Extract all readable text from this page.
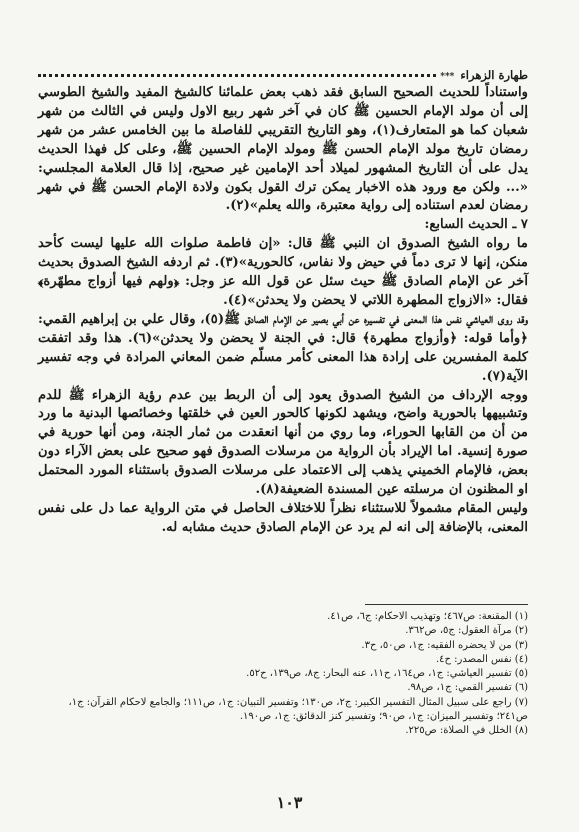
طهارة الزهراء
***

واستناداً للحديث الصحيح السابق فقد ذهب بعض علمائنا كالشيخ المفيد والشيخ الطوسي إلى أن مولد الإمام الحسين ﷺ كان في آخر شهر ربيع الاول وليس في الثالث من شهر شعبان كما هو المتعارف(١)، وهو التاريخ التقريبي للفاصلة ما بين الخامس عشر من شهر رمضان تاريخ مولد الإمام الحسن ﷺ ومولد الإمام الحسين ﷺ، وعلى كل فهذا الحديث يدل على أن التاريخ المشهور لميلاد أحد الإمامين غير صحيح، إذا قال العلامة المجلسي: «... ولكن مع ورود هذه الاخبار يمكن ترك القول بكون ولادة الإمام الحسن ﷺ في شهر رمضان لعدم استناده إلى رواية معتبرة، والله يعلم»(٢).

٧ ـ الحديث السابع:

ما رواه الشيخ الصدوق ان النبي ﷺ قال: «إن فاطمة صلوات الله عليها ليست كأحد منكن، إنها لا ترى دماً في حيض ولا نفاس، كالحورية»(٣). ثم اردفه الشيخ الصدوق بحديث آخر عن الإمام الصادق ﷺ حيث سئل عن قول الله عز وجل: ﴿ولهم فيها أزواج مطهّرة﴾ فقال: «الازواج المطهرة اللاتي لا يحضن ولا يحدثن»(٤).

وقد روى العياشي نفس هذا المعنى في تفسيره عن أبي بصير عن الإمام الصادق ﷺ(٥)، وقال علي بن إبراهيم القمي: ﴿وأما قوله: ﴿وأزواج مطهرة﴾ قال: في الجنة لا يحضن ولا يحدثن»(٦). هذا وقد اتفقت كلمة المفسرين على إرادة هذا المعنى كأمر مسلّم ضمن المعاني المرادة في وجه تفسير الآية(٧).

ووجه الإرداف من الشيخ الصدوق يعود إلى أن الربط بين عدم رؤية الزهراء ﷺ للدم وتشبيهها بالحورية واضح، ويشهد لكونها كالحور العين في خلقتها وخصائصها البدنية ما ورد من أن من القابها الحوراء، وما روي من أنها انعقدت من ثمار الجنة، ومن أنها حورية في صورة إنسية. اما الإيراد بأن الرواية من مرسلات الصدوق فهو صحيح على بعض الآراء دون بعض، فالإمام الخميني يذهب إلى الاعتماد على مرسلات الصدوق باستثناء المورد المحتمل او المظنون ان مرسلته عين المسندة الضعيفة(٨).

وليس المقام مشمولاً للاستثناء نظراً للاختلاف الحاصل في متن الرواية عما دل على نفس المعنى، بالإضافة إلى انه لم يرد عن الإمام الصادق حديث مشابه له.

(١) المقنعة: ص٤٦٧؛ وتهذيب الاحكام: ج٦، ص٤١.
(٢) مرآة العقول: ج٥، ص٣٦٢.
(٣) من لا يحضره الفقيه: ج١، ص٥٠، ح٣.
(٤) نفس المصدر: ح٤.
(٥) تفسير العياشي: ج١، ص١٦٤، ح١١، عنه البحار: ج٨، ص١٣٩، ح٥٢.
(٦) تفسير القمي: ج١، ص٩٨.
(٧) راجع على سبيل المثال التفسير الكبير: ج٢، ص١٣٠؛ وتفسير التبيان: ج١، ص١١١؛ والجامع لاحكام القرآن: ج١، ص٢٤١؛ وتفسير الميزان: ج١، ص٩٠؛ وتفسير كنز الدقائق: ج١، ص١٩٠.
(٨) الخلل في الصلاة: ص٢٢٥.
١٠٣
